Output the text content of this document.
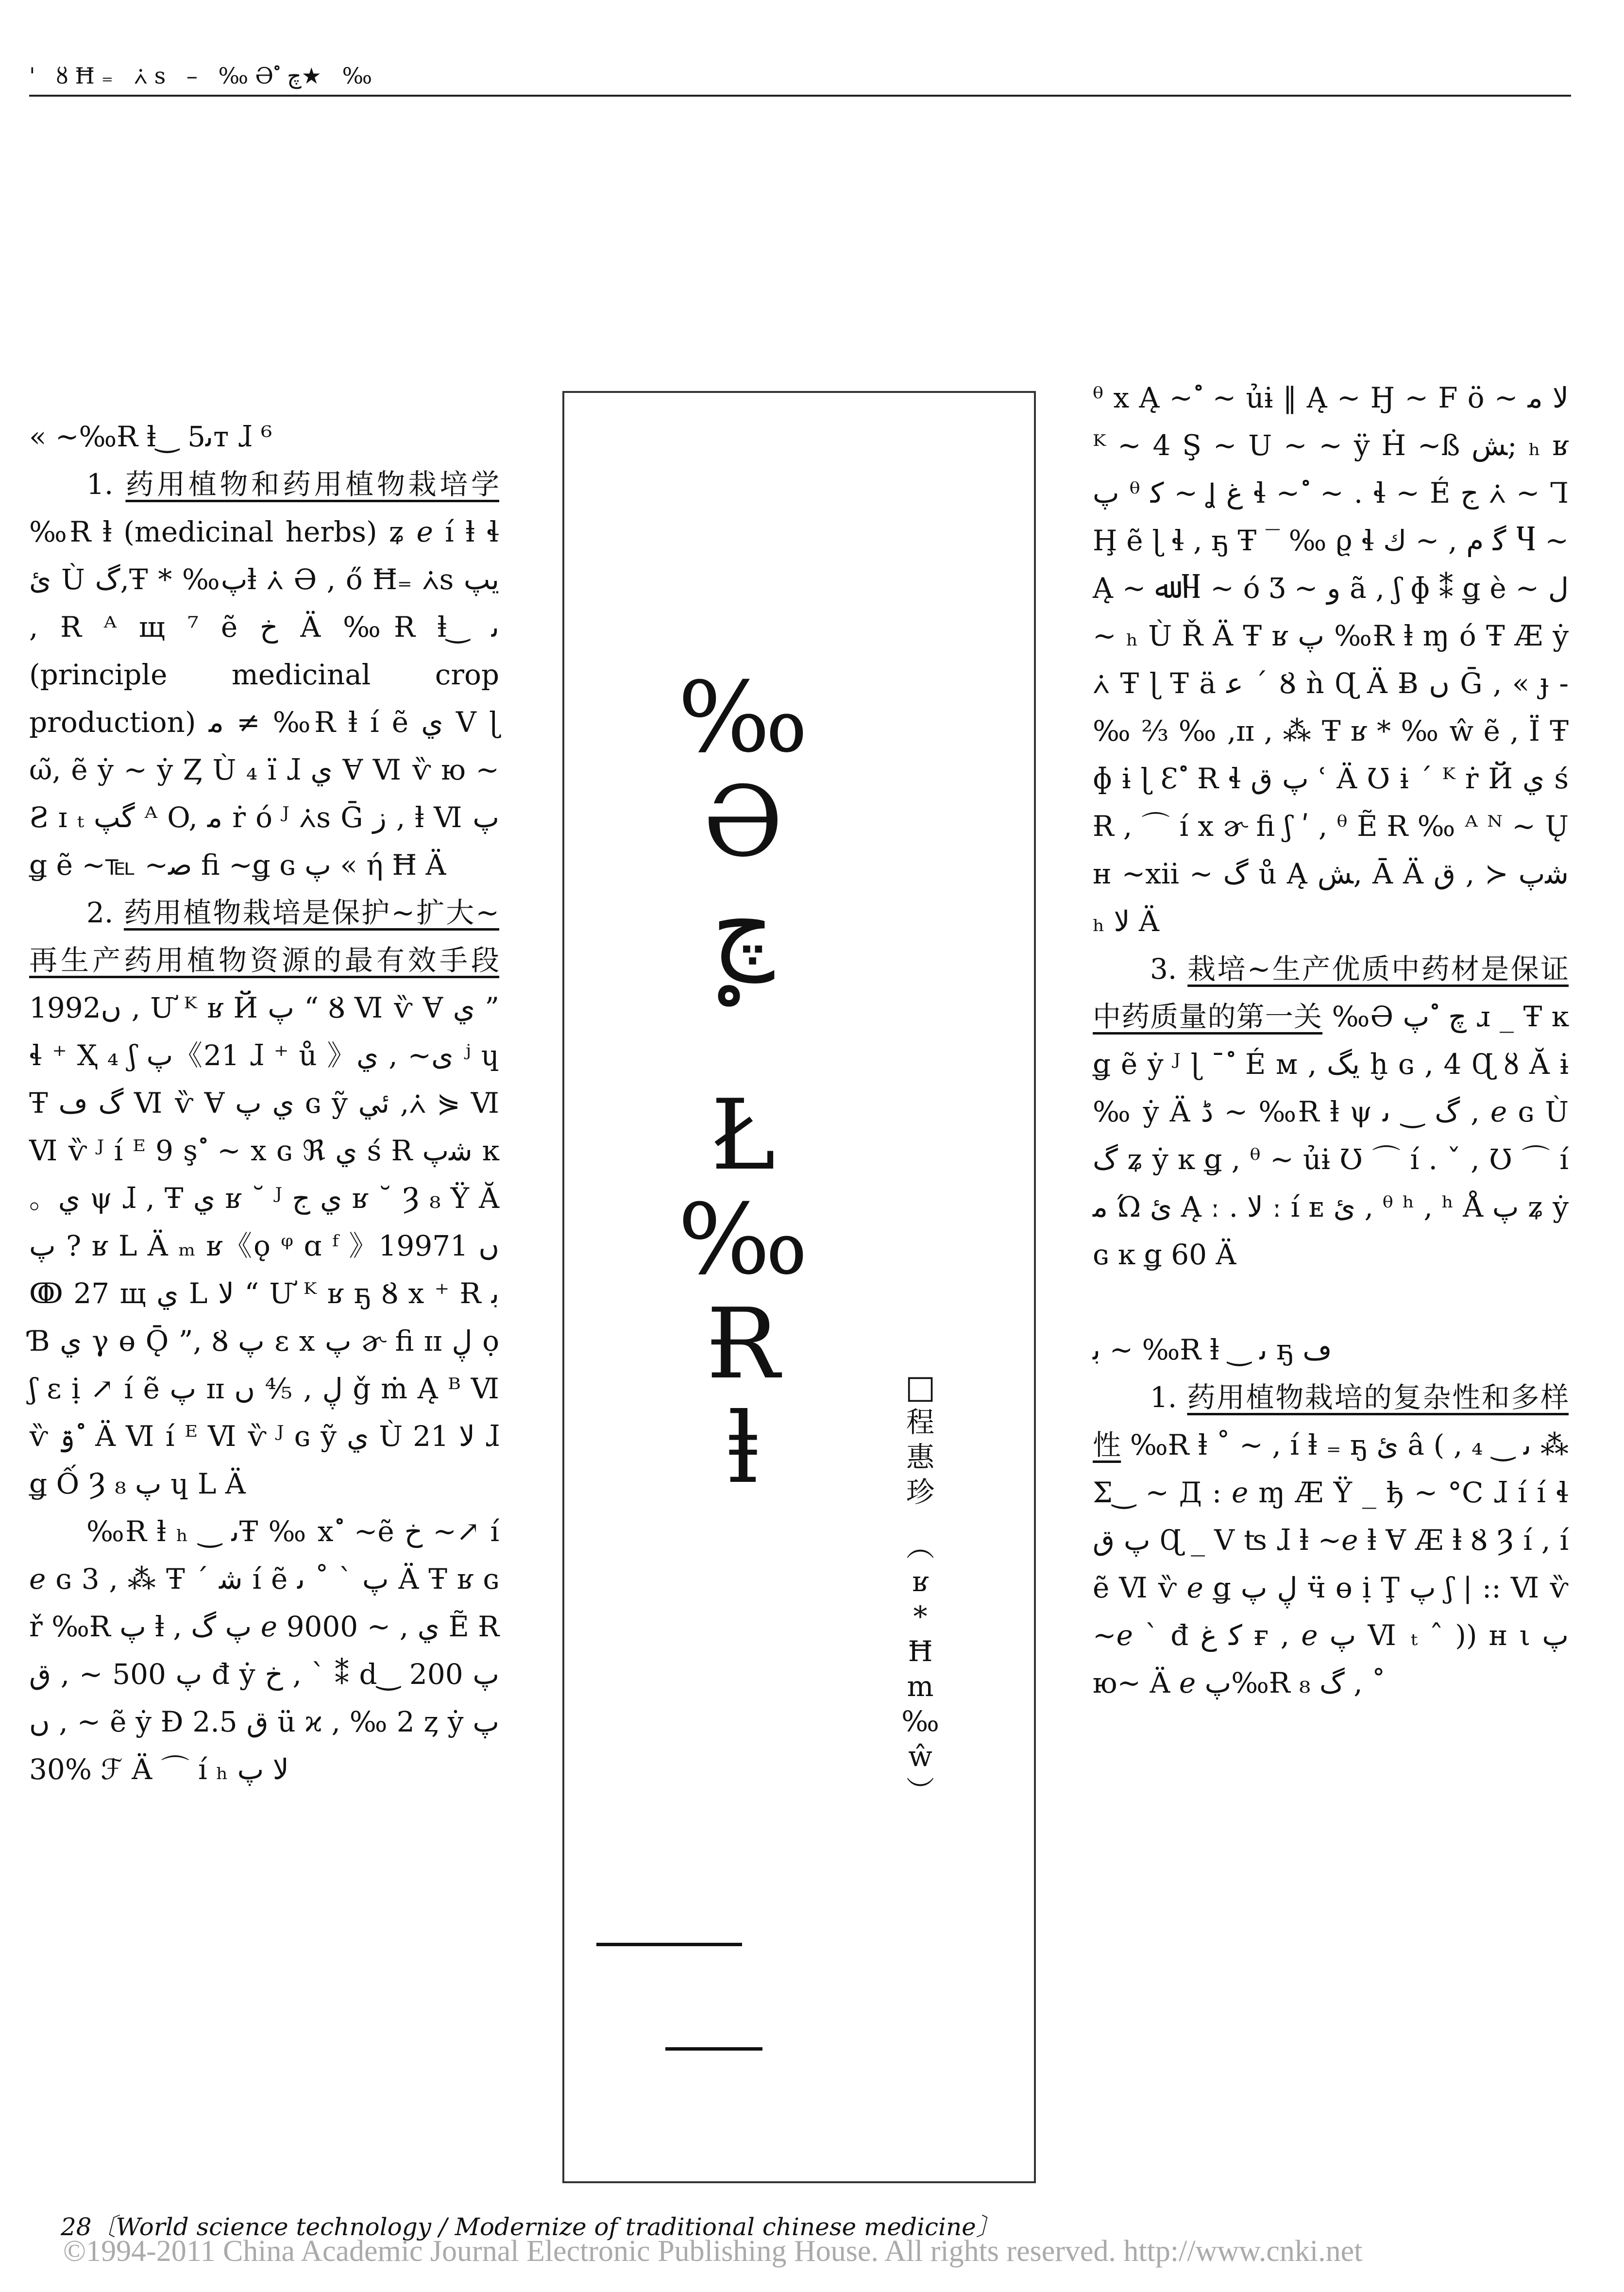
' ȣĦ₌ ⩑s – ‰Əچํ★ ‰

« ~‰Ɍ ⱡ‿ ﯨ5т ɺ ⁶

1. 药用植物和药用植物栽培学 ‰Ɍ ⱡ (medicinal herbs) ʑ ℯ í ⱡ ɬ ئ Ù گ,Ŧ * ‰پⱡ ⩑ Ə , ő Ħ₌ ⩑s يپ , Ɍ ᴬ щ ⁷ ẽ خ Ä ‰Ɍ ⱡ‿ ﯨ (principle medicinal crop production) ﻣ ≠ ‰Ɍ ⱡ í ẽ ي V ɭ ω̃, ẽ ẏ ~ ẏ Ȥ Ù ₄ ï ɺ ي Ɐ Ⅵ ѷ ю ~ Ƨ ɪ ₜ گپ ᴬ O, ﻣ ṙ ó ᴶ ⩑s Ḡ ز , ⱡ Ⅵ پ ǥ ẽ ~℡ ~ﺻ ﬁ ~ǥ ɢ پ « ή Ħ Ä

2. 药用植物栽培是保护~扩大~再生产药用植物资源的最有效手段 1992ں , Ư ᴷ ʁ Й پ “ Ȣ Ⅵ ѷ Ɐ ي ” ɬ ⁺ Ҳ ₄ ʃ پ《21 ɺ ⁺ ů 》ى~ , ي ʲ ɥ Ŧ گ ڡ Ⅵ ѷ Ɐ ي پ ɢ ỹ ئي ,⩑ ⋟ Ⅵ Ⅵ ѷ ᴶ í ᴱ 9 ş ํ ~ x ɢ ℜ ي ś Ɍ ﺷپ ĸ 。ي ψ ɺ , Ŧ ي ʁ ˘ ᴶ ي ج ʁ ˘ Ȝ ₈ Ÿ Ă پ ? ʁ Ⅼ Ä ₘ ʁ《ǫ ᵠ ɑ ᶠ 》1997ں 1 ↂ 27 щ ي Ⅼ ﻻ “ Ư ᴷ ʁ ҕ Ȣ x ⁺ Ɍ ﺑ Ɓ ي γ ɵ Ǭ ”, Ȣ پ ɛ x پ ɚ ﬁ ɪɪ ڸ ọ ʃ ɛ ị ↗ í ẽ پ ɪɪ ڸ , ⅘ ں ǧ ṁ Ą ᴮ Ⅵ ѷ ۊ ํ Ä Ⅵ í ᴱ Ⅵ ѷ ᴶ ɢ ỹ ي Ù ﻻ 21 ɺ ǥ Ố Ȝ ₈ پ ɥ Ⅼ Ä

‰Ɍ ⱡ ₕ ‿ ﯨŦ ‰ x ํ ~ẽ خ ~↗ í ℯ ɢ 3 , ⁂ Ŧ ˊ ﺷ í ẽ پ ` ˚ ﯨ Ä Ŧ ʁ ɢ ř ‰Ɍ پ ⱡ , پ گ ℯ 9000 ~ , ي Ẽ Ɍ پ 500 ~ , ق đ ẏ خ , ` ⁑ d‿ پ 200 ~ , ں ẽ ẏ Ɖ 2.5 ق ü ϰ , ‰ 2 ȥ ẏ پ 30% ℱ Ä ⌒ í ₕ ﻻ پ

‰
Ə
چ
Ł
‰
Ɍ
ⱡ
□
程
惠
珍
︵
ʁ
*
Ħ
m
‰
ŵ
︶

ᶿ x Ą ~ ํ ~ ủɨ ‖ Ą ~ Ꜧ ~ F ö ~ ﻻ ﻣ ᴷ ~ 4 Ş ~ U ~ ~ ÿ Ḣ ~ß ﺶ; ₕ ʁ پ ᶿ ﮐ ~ Ʝ غ ɬ ~ ํ ~ . ɬ ~ É ﺝ ⩑ ~ Ꞁ Ḩ ẽ ɭ ɬ , ҕ Ŧ ‾ ‰ ϱ ɬ ﮔ م , ~ ك Ⴗ ~ Ą ~ ﷲ Ⴗ ~ ó Ʒ ~ ﻭ ã , ʃ ɸ ⁑ ǥ è ~ ﻝ ~ ₕ Ù Ř Ä Ŧ ʁ پ ‰Ɍ ⱡ ɱ ó Ŧ Æ ẏ ⩑ Ŧ ɭ Ŧ ä ﻋ ˊ Ȣ ǹ Ɋ Ä Ƀ ں Ḡ , « ɟ - ‰ ⅔ ‰ ,ɪɪ , ⁂ Ŧ ʁ * ‰ ŵ ẽ , Ï Ŧ ɸ ɨ ɭ Ɛ ํ Ɍ ɬ پ ق ʿ Ä Ʊ ɨ ´ ᴷ ṙ Й ي ś Ɍ , ⌒ í x ɚ ﬁ ʃ ʹ , ᶿ Ẽ Ɍ ‰ ᴬ ᴺ ~ Ų ʜ ~xii ~ گ ů Ą ﺶ, Ā Ä ﺷپ ≺ , ق ₕ ﻻ Ä

3. 栽培~生产优质中药材是保证中药质量的第一关 ‰Ə چ ํ پ ɹ _ Ŧ ĸ ǥ ẽ ẏ ᴶ ɭ ˉ ํ É ᴍ , يگ ḫ ɢ , 4 Ɋ ȣ Ă ɨ ‰ ẏ Ä ڈ ~ ‰Ɍ ⱡ ψ گ ‿ ﯨ , ℯ ɢ Ù گ ʑ ẏ ĸ ǥ , ᶿ ~ ủɨ Ʊ ⌒ í . ˇ , Ʊ ⌒ í ﻣ Ώ ئ Ą ː . ﻻ ː í ᴇ ئ , ᶿ ʰ , ʰ Å پ ʑ ẏ ɢ ĸ ǥ 60 Ä

ﺑ ~ ‰Ɍ ⱡ ‿ ﯨ ҕ ڡ

1. 药用植物栽培的复杂性和多样性 ‰Ɍ ⱡ ˚ ~ , í ⱡ ₌ ҕ ئ â ( , ₄ ‿ ﯨ ⁂ Σ‿ ~ Д : ℯ ɱ Æ Ÿ _ ђ ~ °C ɺ í í ɬ پ ق Ɋ _ V ʦ ɺ ⱡ ~ℯ ⱡ Ɐ Æ ⱡ Ȣ Ȝ í , í ẽ Ⅵ ѷ ℯ ǥ ڸ پ ӵ ɵ ị Ţ پ ʃ | :: Ⅵ ѷ ~ℯ ` đ ﮐ غ ғ , ℯ پ Ⅵ ₜ ˆ )) ʜ ι پ ю~ Ä ℯ پ‰Ɍ گ ₈ , ˚

28〔World science technology / Modernize of traditional chinese medicine〕
©1994-2011 China Academic Journal Electronic Publishing House. All rights reserved. http://www.cnki.net
